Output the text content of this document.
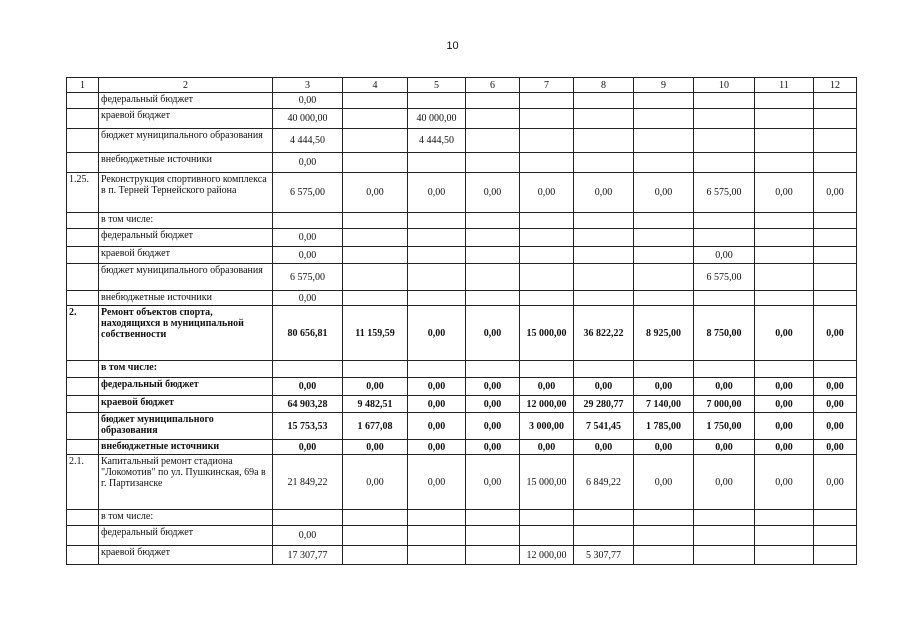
10
1	2	3	4	5	6	7	8	9	10	11	12
	федеральный бюджет	0,00									
	краевой бюджет	40 000,00		40 000,00							
	бюджет муниципального образования	4 444,50		4 444,50							
	внебюджетные источники	0,00									
1.25.	Реконструкция спортивного комплекса в п. Терней Тернейского района	6 575,00	0,00	0,00	0,00	0,00	0,00	0,00	6 575,00	0,00	0,00
	в том числе:										
	федеральный бюджет	0,00									
	краевой бюджет	0,00							0,00		
	бюджет муниципального образования	6 575,00							6 575,00		
	внебюджетные источники	0,00									
2.	Ремонт объектов спорта, находящихся в муниципальной собственности	80 656,81	11 159,59	0,00	0,00	15 000,00	36 822,22	8 925,00	8 750,00	0,00	0,00
	в том числе:										
	федеральный бюджет	0,00	0,00	0,00	0,00	0,00	0,00	0,00	0,00	0,00	0,00
	краевой бюджет	64 903,28	9 482,51	0,00	0,00	12 000,00	29 280,77	7 140,00	7 000,00	0,00	0,00
	бюджет муниципального образования	15 753,53	1 677,08	0,00	0,00	3 000,00	7 541,45	1 785,00	1 750,00	0,00	0,00
	внебюджетные источники	0,00	0,00	0,00	0,00	0,00	0,00	0,00	0,00	0,00	0,00
2.1.	Капитальный ремонт стадиона "Локомотив" по ул. Пушкинская, 69а в г. Партизанске	21 849,22	0,00	0,00	0,00	15 000,00	6 849,22	0,00	0,00	0,00	0,00
	в том числе:										
	федеральный бюджет	0,00									
	краевой бюджет	17 307,77				12 000,00	5 307,77				
